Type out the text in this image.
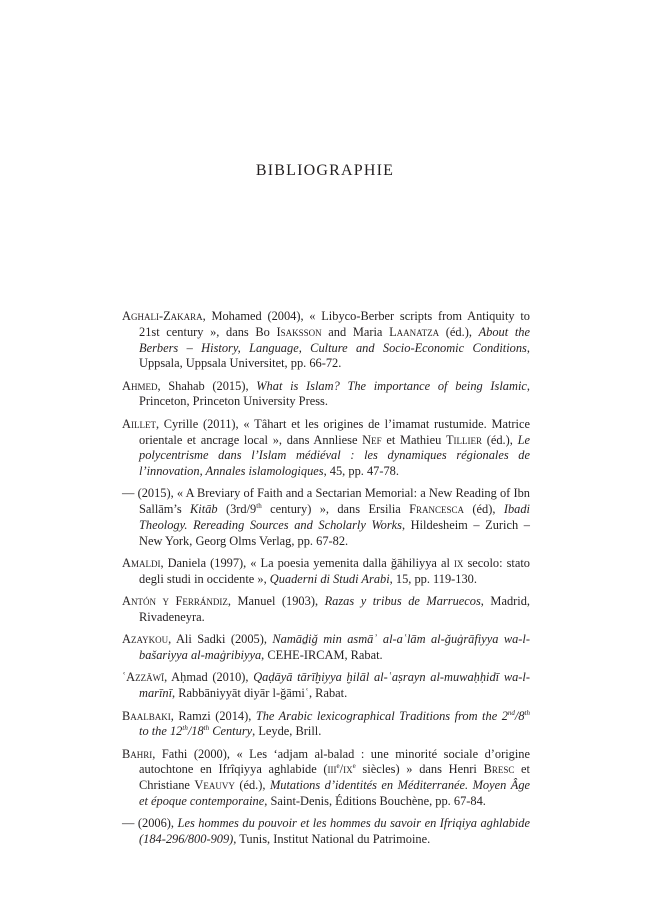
BIBLIOGRAPHIE

Aghali-Zakara, Mohamed (2004), « Libyco-Berber scripts from Antiquity to 21st century », dans Bo Isaksson and Maria Laanatza (éd.), About the Berbers – History, Language, Culture and Socio-Economic Conditions, Uppsala, Uppsala Universitet, pp. 66-72.

Ahmed, Shahab (2015), What is Islam? The importance of being Islamic, Princeton, Princeton University Press.

Aillet, Cyrille (2011), « Tâhart et les origines de l’imamat rustumide. Matrice orientale et ancrage local », dans Annliese Nef et Mathieu Tillier (éd.), Le polycentrisme dans l’Islam médiéval : les dynamiques régionales de l’innovation, Annales islamologiques, 45, pp. 47-78.

— (2015), « A Breviary of Faith and a Sectarian Memorial: a New Reading of Ibn Sallām’s Kitāb (3rd/9th century) », dans Ersilia Francesca (éd), Ibadi Theology. Rereading Sources and Scholarly Works, Hildesheim – Zurich – New York, Georg Olms Verlag, pp. 67-82.

Amaldi, Daniela (1997), « La poesia yemenita dalla ǧāhiliyya al ix secolo: stato degli studi in occidente », Quaderni di Studi Arabi, 15, pp. 119-130.

Antón y Ferrándiz, Manuel (1903), Razas y tribus de Marruecos, Madrid, Rivadeneyra.

Azaykou, Ali Sadki (2005), Namāḏiǧ min asmāʾ al-aʿlām al-ǧuġrāfiyya wa-l-bašariyya al-maġribiyya, CEHE-IRCAM, Rabat.

ʿAzzāwī, Aḥmad (2010), Qaḍāyā tārīḫiyya ḫilāl al-ʿaṣrayn al-muwaḥḥidī wa-l-marīnī, Rabbāniyyāt diyār l-ǧāmiʿ, Rabat.

Baalbaki, Ramzi (2014), The Arabic lexicographical Traditions from the 2nd/8th to the 12th/18th Century, Leyde, Brill.

Bahri, Fathi (2000), « Les ‘adjam al-balad : une minorité sociale d’origine autochtone en Ifrîqiyya aghlabide ($iii^e/ix^e$ siècles) » dans Henri Bresc et Christiane Veauvy (éd.), Mutations d’identités en Méditerranée. Moyen Âge et époque contemporaine, Saint-Denis, Éditions Bouchène, pp. 67-84.

— (2006), Les hommes du pouvoir et les hommes du savoir en Ifriqiya aghlabide (184-296/800-909), Tunis, Institut National du Patrimoine.
